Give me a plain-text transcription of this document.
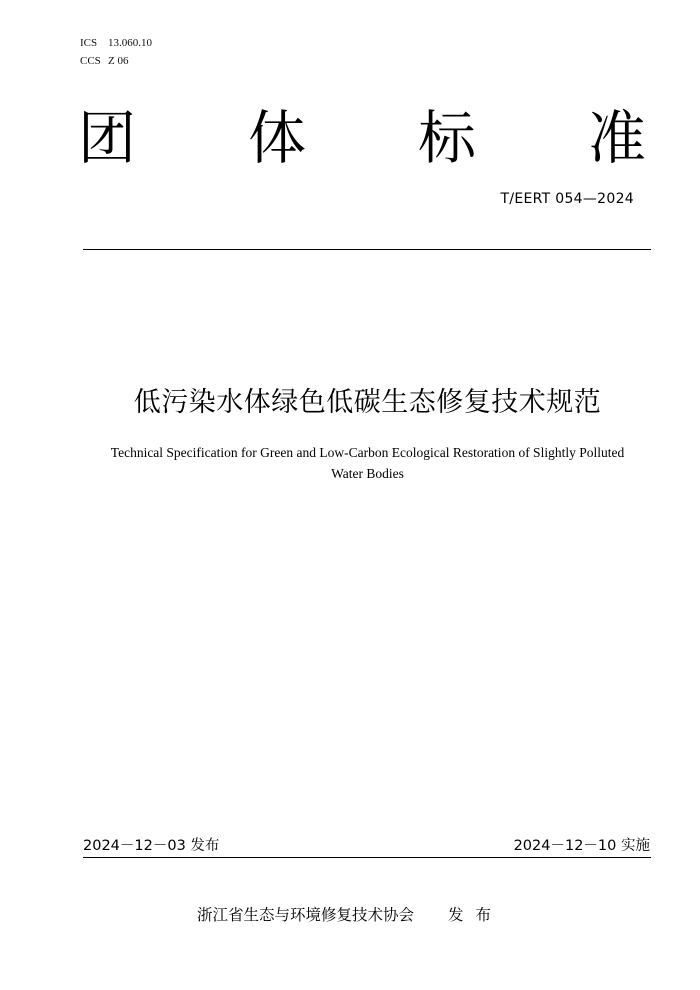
ICS 13.060.10
CCS Z 06
团 体 标 准
T/EERT 054—2024
低污染水体绿色低碳生态修复技术规范
Technical Specification for Green and Low-Carbon Ecological Restoration of Slightly Polluted
Water Bodies
2024－12－03 发布	2024－12－10 实施
浙江省生态与环境修复技术协会 发布
